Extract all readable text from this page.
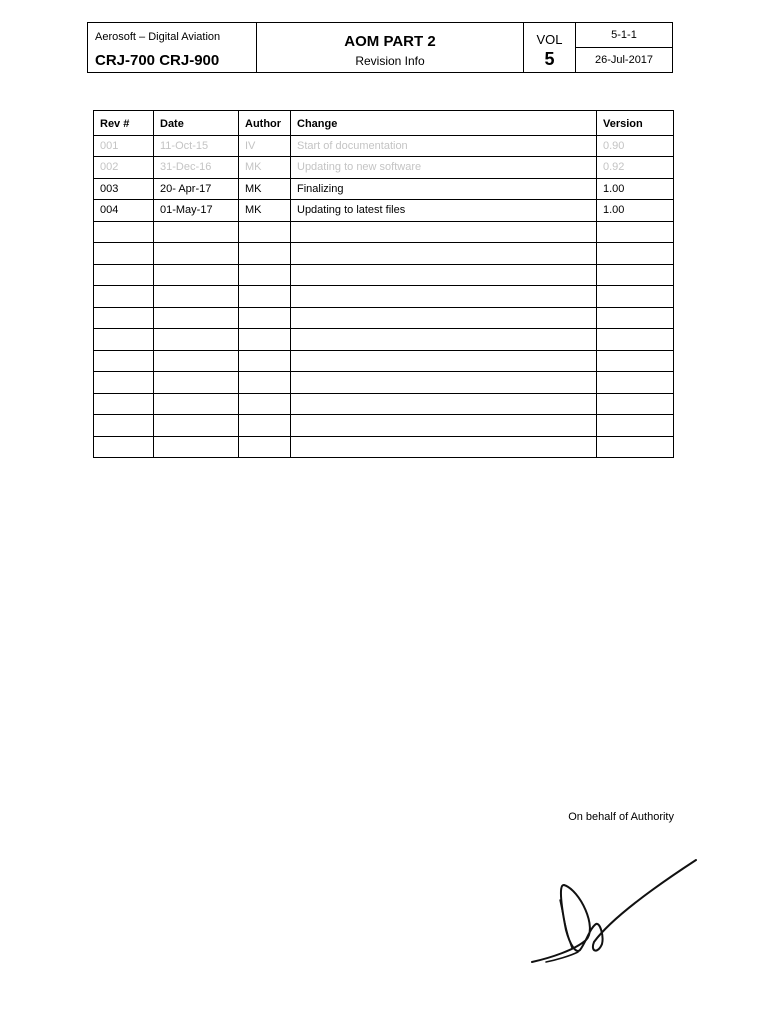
Aerosoft – Digital Aviation
CRJ-700 CRJ-900
AOM PART 2
Revision Info
VOL
5
5-1-1
26-Jul-2017
Rev #	Date	Author	Change	Version
001	11-Oct-15	IV	Start of documentation	0.90
002	31-Dec-16	MK	Updating to new software	0.92
003	20- Apr-17	MK	Finalizing	1.00
004	01-May-17	MK	Updating to latest files	1.00

On behalf of Authority
